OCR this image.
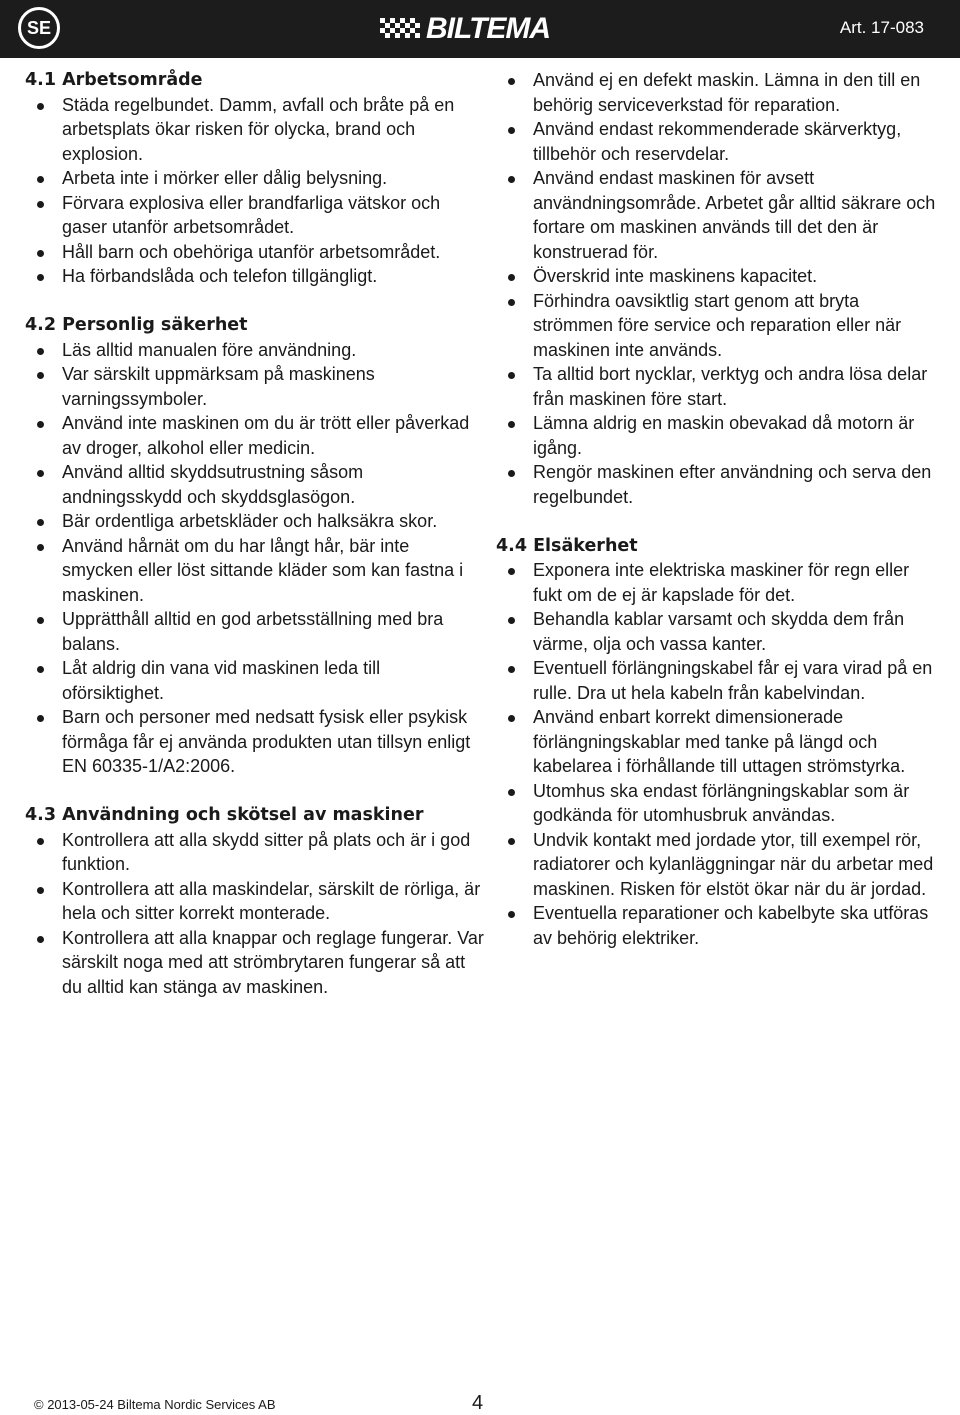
SE	BILTEMA	Art. 17-083
4.1 Arbetsområde
Städa regelbundet. Damm, avfall och bråte på en arbetsplats ökar risken för olycka, brand och explosion.
Arbeta inte i mörker eller dålig belysning.
Förvara explosiva eller brandfarliga vätskor och gaser utanför arbetsområdet.
Håll barn och obehöriga utanför arbetsområdet.
Ha förbandslåda och telefon tillgängligt.
4.2 Personlig säkerhet
Läs alltid manualen före användning.
Var särskilt uppmärksam på maskinens varningssymboler.
Använd inte maskinen om du är trött eller påverkad av droger, alkohol eller medicin.
Använd alltid skyddsutrustning såsom andningsskydd och skyddsglasögon.
Bär ordentliga arbetskläder och halksäkra skor.
Använd hårnät om du har långt hår, bär inte smycken eller löst sittande kläder som kan fastna i maskinen.
Upprätthåll alltid en god arbetsställning med bra balans.
Låt aldrig din vana vid maskinen leda till oförsiktighet.
Barn och personer med nedsatt fysisk eller psykisk förmåga får ej använda produkten utan tillsyn enligt EN 60335-1/A2:2006.
4.3 Användning och skötsel av maskiner
Kontrollera att alla skydd sitter på plats och är i god funktion.
Kontrollera att alla maskindelar, särskilt de rörliga, är hela och sitter korrekt monterade.
Kontrollera att alla knappar och reglage fungerar. Var särskilt noga med att strömbrytaren fungerar så att du alltid kan stänga av maskinen.
Använd ej en defekt maskin. Lämna in den till en behörig serviceverkstad för reparation.
Använd endast rekommenderade skärverktyg, tillbehör och reservdelar.
Använd endast maskinen för avsett användningsområde. Arbetet går alltid säkrare och fortare om maskinen används till det den är konstruerad för.
Överskrid inte maskinens kapacitet.
Förhindra oavsiktlig start genom att bryta strömmen före service och reparation eller när maskinen inte används.
Ta alltid bort nycklar, verktyg och andra lösa delar från maskinen före start.
Lämna aldrig en maskin obevakad då motorn är igång.
Rengör maskinen efter användning och serva den regelbundet.
4.4 Elsäkerhet
Exponera inte elektriska maskiner för regn eller fukt om de ej är kapslade för det.
Behandla kablar varsamt och skydda dem från värme, olja och vassa kanter.
Eventuell förlängningskabel får ej vara virad på en rulle. Dra ut hela kabeln från kabelvindan.
Använd enbart korrekt dimensionerade förlängningskablar med tanke på längd och kabelarea i förhållande till uttagen strömstyrka.
Utomhus ska endast förlängningskablar som är godkända för utomhusbruk användas.
Undvik kontakt med jordade ytor, till exempel rör, radiatorer och kylanläggningar när du arbetar med maskinen. Risken för elstöt ökar när du är jordad.
Eventuella reparationer och kabelbyte ska utföras av behörig elektriker.
© 2013-05-24 Biltema Nordic Services AB	4
